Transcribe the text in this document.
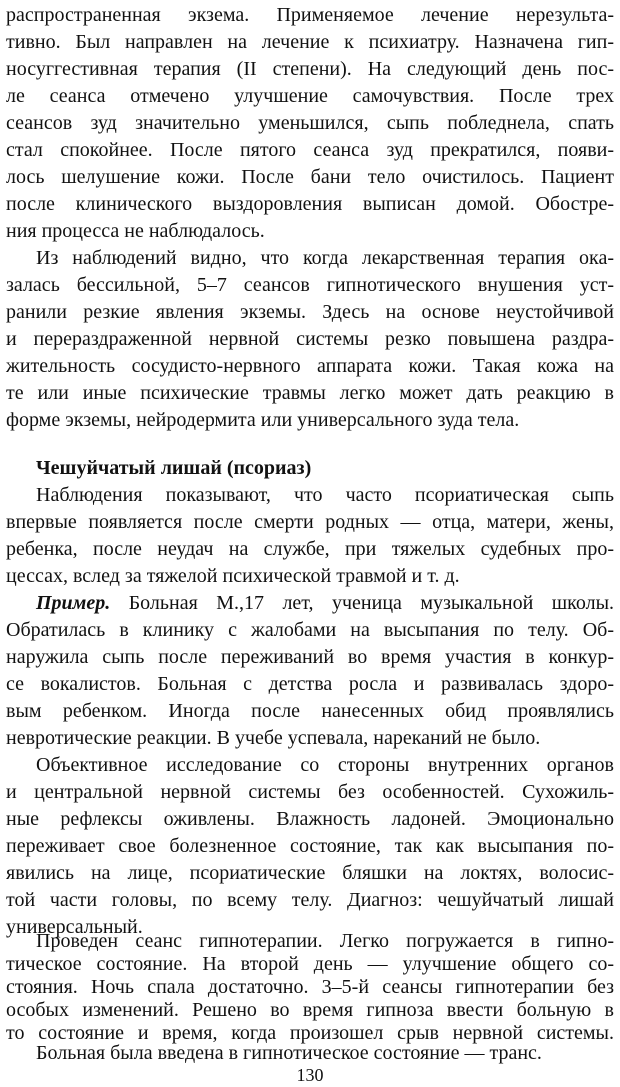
распространенная экзема. Применяемое лечение нерезульта-
тивно. Был направлен на лечение к психиатру. Назначена гип-
носуггестивная терапия (II степени). На следующий день пос-
ле сеанса отмечено улучшение самочувствия. После трех
сеансов зуд значительно уменьшился, сыпь побледнела, спать
стал спокойнее. После пятого сеанса зуд прекратился, появи-
лось шелушение кожи. После бани тело очистилось. Пациент
после клинического выздоровления выписан домой. Обостре-
ния процесса не наблюдалось.
Из наблюдений видно, что когда лекарственная терапия ока-
залась бессильной, 5–7 сеансов гипнотического внушения уст-
ранили резкие явления экземы. Здесь на основе неустойчивой
и перераздраженной нервной системы резко повышена раздра-
жительность сосудисто-нервного аппарата кожи. Такая кожа на
те или иные психические травмы легко может дать реакцию в
форме экземы, нейродермита или универсального зуда тела.
Чешуйчатый лишай (псориаз)
Наблюдения показывают, что часто псориатическая сыпь
впервые появляется после смерти родных — отца, матери, жены,
ребенка, после неудач на службе, при тяжелых судебных про-
цессах, вслед за тяжелой психической травмой и т. д.
Пример. Больная М.,17 лет, ученица музыкальной школы.
Обратилась в клинику с жалобами на высыпания по телу. Об-
наружила сыпь после переживаний во время участия в конкур-
се вокалистов. Больная с детства росла и развивалась здоро-
вым ребенком. Иногда после нанесенных обид проявлялись
невротические реакции. В учебе успевала, нареканий не было.
Объективное исследование со стороны внутренних органов
и центральной нервной системы без особенностей. Сухожиль-
ные рефлексы оживлены. Влажность ладоней. Эмоционально
переживает свое болезненное состояние, так как высыпания по-
явились на лице, псориатические бляшки на локтях, волосис-
той части головы, по всему телу. Диагноз: чешуйчатый лишай
универсальный.
Проведен сеанс гипнотерапии. Легко погружается в гипно-
тическое состояние. На второй день — улучшение общего со-
стояния. Ночь спала достаточно. 3–5-й сеансы гипнотерапии без
особых изменений. Решено во время гипноза ввести больную в
то состояние и время, когда произошел срыв нервной системы.
Больная была введена в гипнотическое состояние — транс.
130
